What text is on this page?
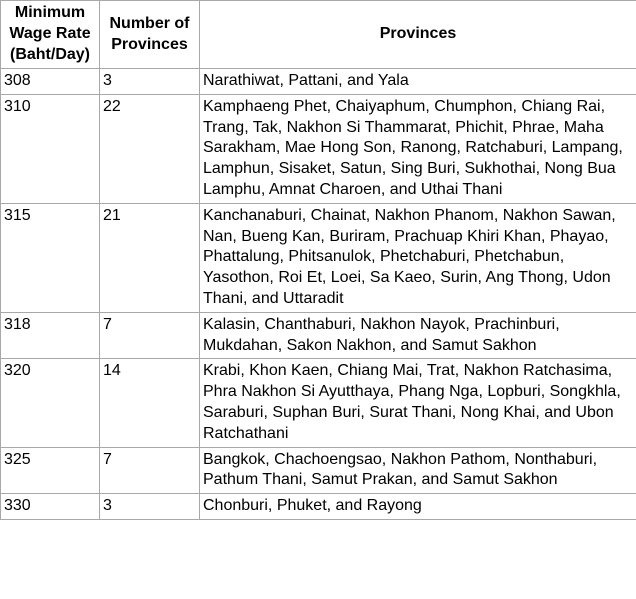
Minimum Wage Rate (Baht/Day)	Number of Provinces	Provinces
308	3	Narathiwat, Pattani, and Yala
310	22	Kamphaeng Phet, Chaiyaphum, Chumphon, Chiang Rai, Trang, Tak, Nakhon Si Thammarat, Phichit, Phrae, Maha Sarakham, Mae Hong Son, Ranong, Ratchaburi, Lampang, Lamphun, Sisaket, Satun, Sing Buri, Sukhothai, Nong Bua Lamphu, Amnat Charoen, and Uthai Thani
315	21	Kanchanaburi, Chainat, Nakhon Phanom, Nakhon Sawan, Nan, Bueng Kan, Buriram, Prachuap Khiri Khan, Phayao, Phattalung, Phitsanulok, Phetchaburi, Phetchabun, Yasothon, Roi Et, Loei, Sa Kaeo, Surin, Ang Thong, Udon Thani, and Uttaradit
318	7	Kalasin, Chanthaburi, Nakhon Nayok, Prachinburi, Mukdahan, Sakon Nakhon, and Samut Sakhon
320	14	Krabi, Khon Kaen, Chiang Mai, Trat, Nakhon Ratchasima, Phra Nakhon Si Ayutthaya, Phang Nga, Lopburi, Songkhla, Saraburi, Suphan Buri, Surat Thani, Nong Khai, and Ubon Ratchathani
325	7	Bangkok, Chachoengsao, Nakhon Pathom, Nonthaburi, Pathum Thani, Samut Prakan, and Samut Sakhon
330	3	Chonburi, Phuket, and Rayong
